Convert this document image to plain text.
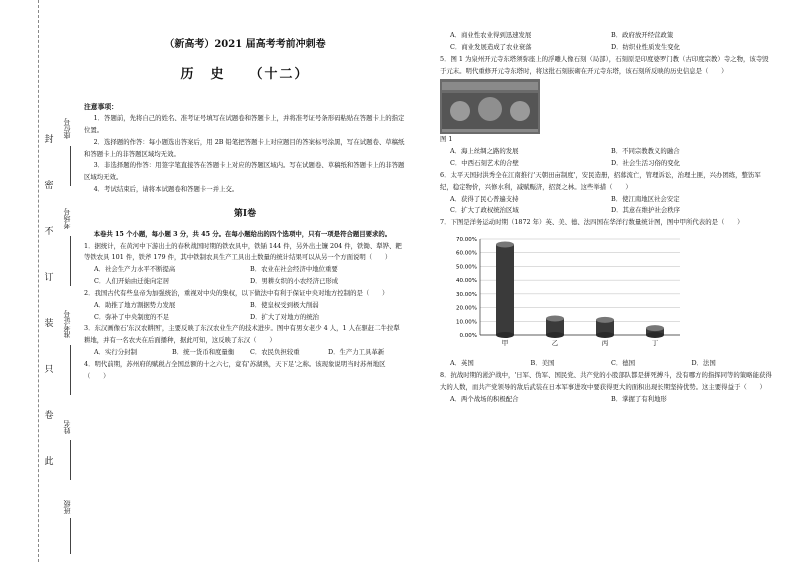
封
密
不
订
装
只
卷
此
座位号
考场号
准考证号
姓名
班级
（新高考）2021 届高考考前冲刺卷
历　史 （十二）
注意事项：

1．答题前，先将自己的姓名、准考证号填写在试题卷和答题卡上，并将准考证号条形码粘贴在答题卡上的指定位置。

2．选择题的作答：每小题选出答案后，用 2B 铅笔把答题卡上对应题目的答案标号涂黑，写在试题卷、草稿纸和答题卡上的非答题区域均无效。

3．非选择题的作答：用签字笔直接答在答题卡上对应的答题区域内。写在试题卷、草稿纸和答题卡上的非答题区域均无效。

4．考试结束后，请将本试题卷和答题卡一并上交。

第Ⅰ卷

本卷共 15 个小题，每小题 3 分，共 45 分。在每小题给出的四个选项中，只有一项是符合题目要求的。

1．据统计，在黄河中下游出土的春秋战国时期的铁农具中，铁锸 144 件，另外出土镰 204 件，铁锄、犁铧、耙等铁农具 101 件，铁斧 179 件，其中铁制农具生产工具出土数量的统计结果可以从另一个方面说明（　　）

A．社会生产力水平不断提高	B．农业在社会经济中地位重要
C．人们开始由迁徙向定居	D．男耕女织的小农经济已形成

2．我国古代有些皇帝为加强统治，重视对中央的集权，以下做法中有利于保证中央对地方控制的是（　　）

A．助推了地方割据势力发展	B．使皇权受到极大削弱
C．弥补了中央制度的不足	D．扩大了对地方的统治

3．东汉画像石'东汉农耕图'，主要反映了东汉农业生产的技术进步。图中有男女老少 4 人，1 人在驱赶二牛拉犁耕地，并有一名农夫在后面播种，据此可知，这反映了东汉（　　）

A．实行分封制	B．统一货币和度量衡	C．农民负担较重	D．生产力工具革新

4．明代前期，苏州府的赋税占全国总额的十之六七，竟有'苏湖熟，天下足'之称。该现象说明当时苏州地区（　　）

A．商业性农业得到迅速发展	B．政府放开经营政策
C．商业发展造成了农业衰落	D．纺织业性质发生变化

5．图 1 为泉州开元寺东塔须弥座上的浮雕人像石刻（局部），石刻原是印度婆罗门教（古印度宗教）寺之物，该寺毁于元末。明代重修开元寺东塔时，将这批石刻嵌砌在开元寺东塔，该石刻所反映的历史信息是（　　）

图 1
A．海上丝绸之路的发展	B．不同宗教教义的融合
C．中西石刻艺术的合壁	D．社会生活习俗的变化

6．太平天国封洪秀全在江南推行'天朝田亩制度'，安民造册，招募流亡，管理诉讼，治理土匪，兴办团练，整饬军纪，稳定物价，兴修水利，减赋赈济，招贤之林。这些举措（　　）

A．获得了民心普遍支持	B．使江南地区社会安定
C．扩大了政权统治区域	D．其意在维护社会秩序

7．下图是洋务运动时期（1872 年）英、美、德、法四国在华洋行数量统计图，图中甲所代表的是（　　）

0.00%
10.00%
20.00%
30.00%
40.00%
50.00%
60.00%
70.00%
甲	乙	丙	丁
A．英国	B．美国	C．德国	D．法国

8．抗战时期的淞沪战中，'日军、伪军、国民党、共产党的小股部队都是拼死搏斗，没有哪方的指挥同等的策略能获得大的人数，而共产党领导的敌后武装在日本军事进攻中要获得更大的面积出现长期坚持优势。这主要得益于（　　）

A．两个战场的积极配合	B．掌握了有利地形
